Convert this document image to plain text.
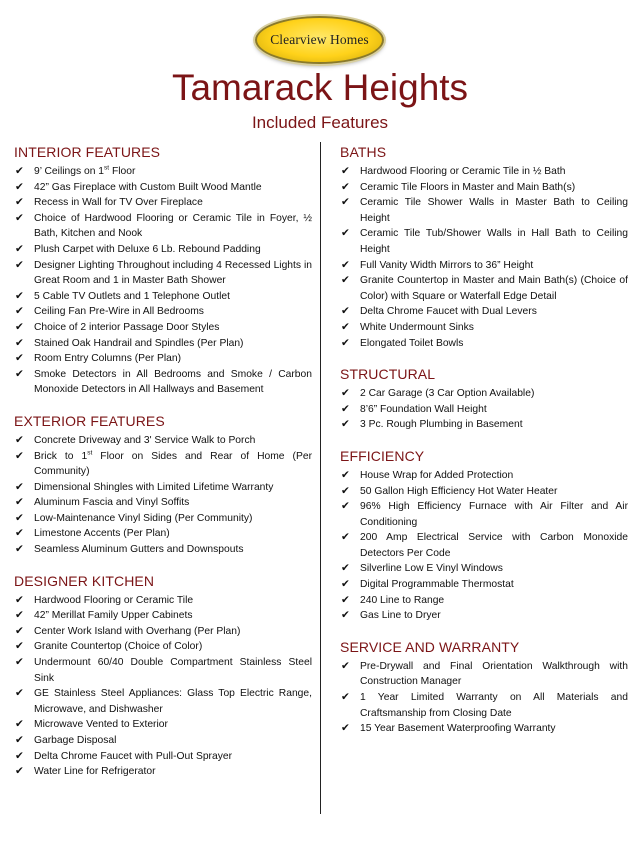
Clearview Homes
Tamarack Heights
Included Features
INTERIOR FEATURES
✔ 9’ Ceilings on 1st Floor
✔ 42” Gas Fireplace with Custom Built Wood Mantle
✔ Recess in Wall for TV Over Fireplace
✔ Choice of Hardwood Flooring or Ceramic Tile in Foyer, ½ Bath, Kitchen and Nook
✔ Plush Carpet with Deluxe 6 Lb. Rebound Padding
✔ Designer Lighting Throughout including 4 Recessed Lights in Great Room and 1 in Master Bath Shower
✔ 5 Cable TV Outlets and 1 Telephone Outlet
✔ Ceiling Fan Pre-Wire in All Bedrooms
✔ Choice of 2 interior Passage Door Styles
✔ Stained Oak Handrail and Spindles (Per Plan)
✔ Room Entry Columns (Per Plan)
✔ Smoke Detectors in All Bedrooms and Smoke / Carbon Monoxide Detectors in All Hallways and Basement
EXTERIOR FEATURES
✔ Concrete Driveway and 3' Service Walk to Porch
✔ Brick to 1st Floor on Sides and Rear of Home (Per Community)
✔ Dimensional Shingles with Limited Lifetime Warranty
✔ Aluminum Fascia and Vinyl Soffits
✔ Low-Maintenance Vinyl Siding (Per Community)
✔ Limestone Accents (Per Plan)
✔ Seamless Aluminum Gutters and Downspouts
DESIGNER KITCHEN
✔ Hardwood Flooring or Ceramic Tile
✔ 42” Merillat Family Upper Cabinets
✔ Center Work Island with Overhang (Per Plan)
✔ Granite Countertop (Choice of Color)
✔ Undermount 60/40 Double Compartment Stainless Steel Sink
✔ GE Stainless Steel Appliances: Glass Top Electric Range, Microwave, and Dishwasher
✔ Microwave Vented to Exterior
✔ Garbage Disposal
✔ Delta Chrome Faucet with Pull-Out Sprayer
✔ Water Line for Refrigerator
BATHS
✔ Hardwood Flooring or Ceramic Tile in ½ Bath
✔ Ceramic Tile Floors in Master and Main Bath(s)
✔ Ceramic Tile Shower Walls in Master Bath to Ceiling Height
✔ Ceramic Tile Tub/Shower Walls in Hall Bath to Ceiling Height
✔ Full Vanity Width Mirrors to 36” Height
✔ Granite Countertop in Master and Main Bath(s) (Choice of Color) with Square or Waterfall Edge Detail
✔ Delta Chrome Faucet with Dual Levers
✔ White Undermount Sinks
✔ Elongated Toilet Bowls
STRUCTURAL
✔ 2 Car Garage (3 Car Option Available)
✔ 8’6” Foundation Wall Height
✔ 3 Pc. Rough Plumbing in Basement
EFFICIENCY
✔ House Wrap for Added Protection
✔ 50 Gallon High Efficiency Hot Water Heater
✔ 96% High Efficiency Furnace with Air Filter and Air Conditioning
✔ 200 Amp Electrical Service with Carbon Monoxide Detectors Per Code
✔ Silverline Low E Vinyl Windows
✔ Digital Programmable Thermostat
✔ 240 Line to Range
✔ Gas Line to Dryer
SERVICE AND WARRANTY
✔ Pre-Drywall and Final Orientation Walkthrough with Construction Manager
✔ 1 Year Limited Warranty on All Materials and Craftsmanship from Closing Date
✔ 15 Year Basement Waterproofing Warranty
